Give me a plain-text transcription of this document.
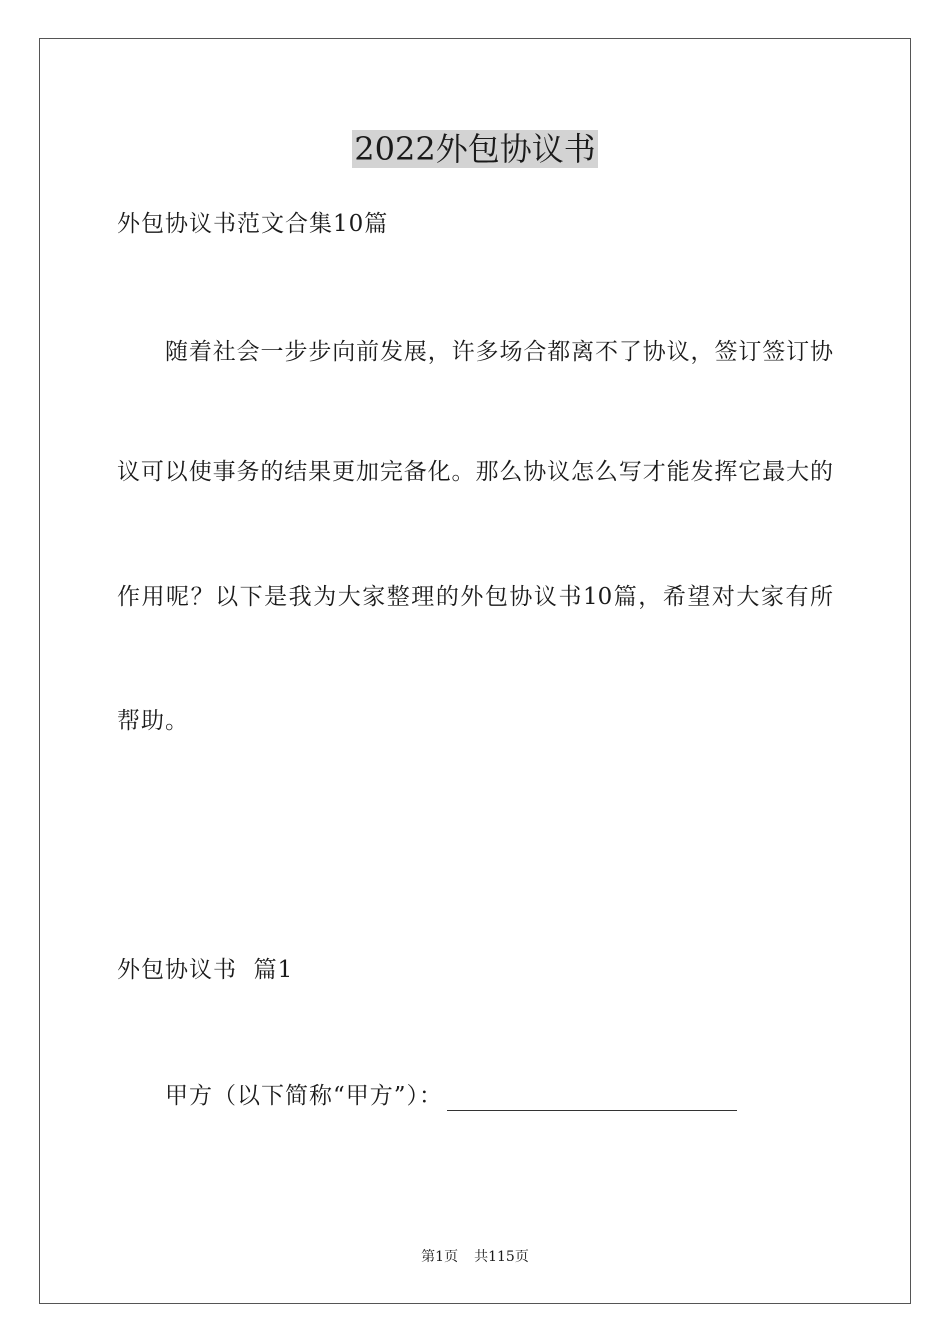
2022外包协议书
外包协议书范文合集10篇
随着社会一步步向前发展，许多场合都离不了协议，签订签订协
议可以使事务的结果更加完备化。那么协议怎么写才能发挥它最大的
作用呢？以下是我为大家整理的外包协议书10篇，希望对大家有所
帮助。
外包协议书  篇1
甲方（以下简称“甲方”）：
第1页 共115页
